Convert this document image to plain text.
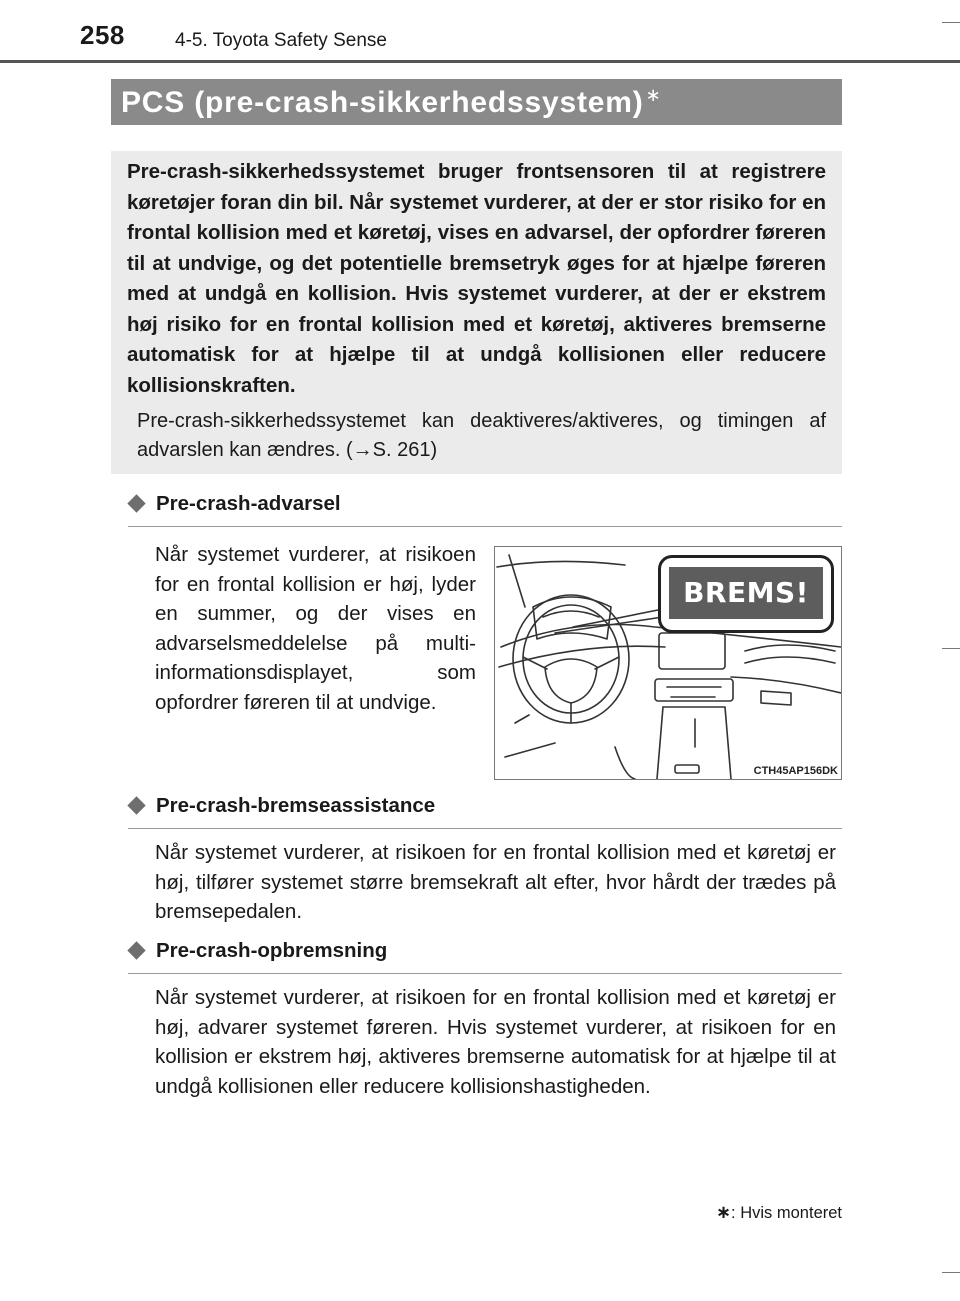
258	4-5. Toyota Safety Sense
PCS (pre-crash-sikkerhedssystem) ∗

Pre-crash-sikkerhedssystemet bruger frontsensoren til at registrere køretøjer foran din bil. Når systemet vurderer, at der er stor risiko for en frontal kollision med et køretøj, vises en advarsel, der opfordrer føreren til at undvige, og det potentielle bremsetryk øges for at hjælpe føreren med at undgå en kollision. Hvis systemet vurderer, at der er ekstrem høj risiko for en frontal kollision med et køretøj, aktiveres bremserne automatisk for at hjælpe til at undgå kollisionen eller reducere kollisionskraften.

Pre-crash-sikkerhedssystemet kan deaktiveres/aktiveres, og timingen af advarslen kan ændres. (→S. 261)

Pre-crash-advarsel

Når systemet vurderer, at risikoen for en frontal kollision er høj, lyder en summer, og der vises en advarselsmeddelelse på multi-informationsdisplayet, som opfordrer føreren til at undvige.

BREMS!
CTH45AP156DK
Pre-crash-bremseassistance

Når systemet vurderer, at risikoen for en frontal kollision med et køretøj er høj, tilfører systemet større bremsekraft alt efter, hvor hårdt der trædes på bremsepedalen.

Pre-crash-opbremsning

Når systemet vurderer, at risikoen for en frontal kollision med et køretøj er høj, advarer systemet føreren. Hvis systemet vurderer, at risikoen for en kollision er ekstrem høj, aktiveres bremserne automatisk for at hjælpe til at undgå kollisionen eller reducere kollisionshastigheden.

∗: Hvis monteret
